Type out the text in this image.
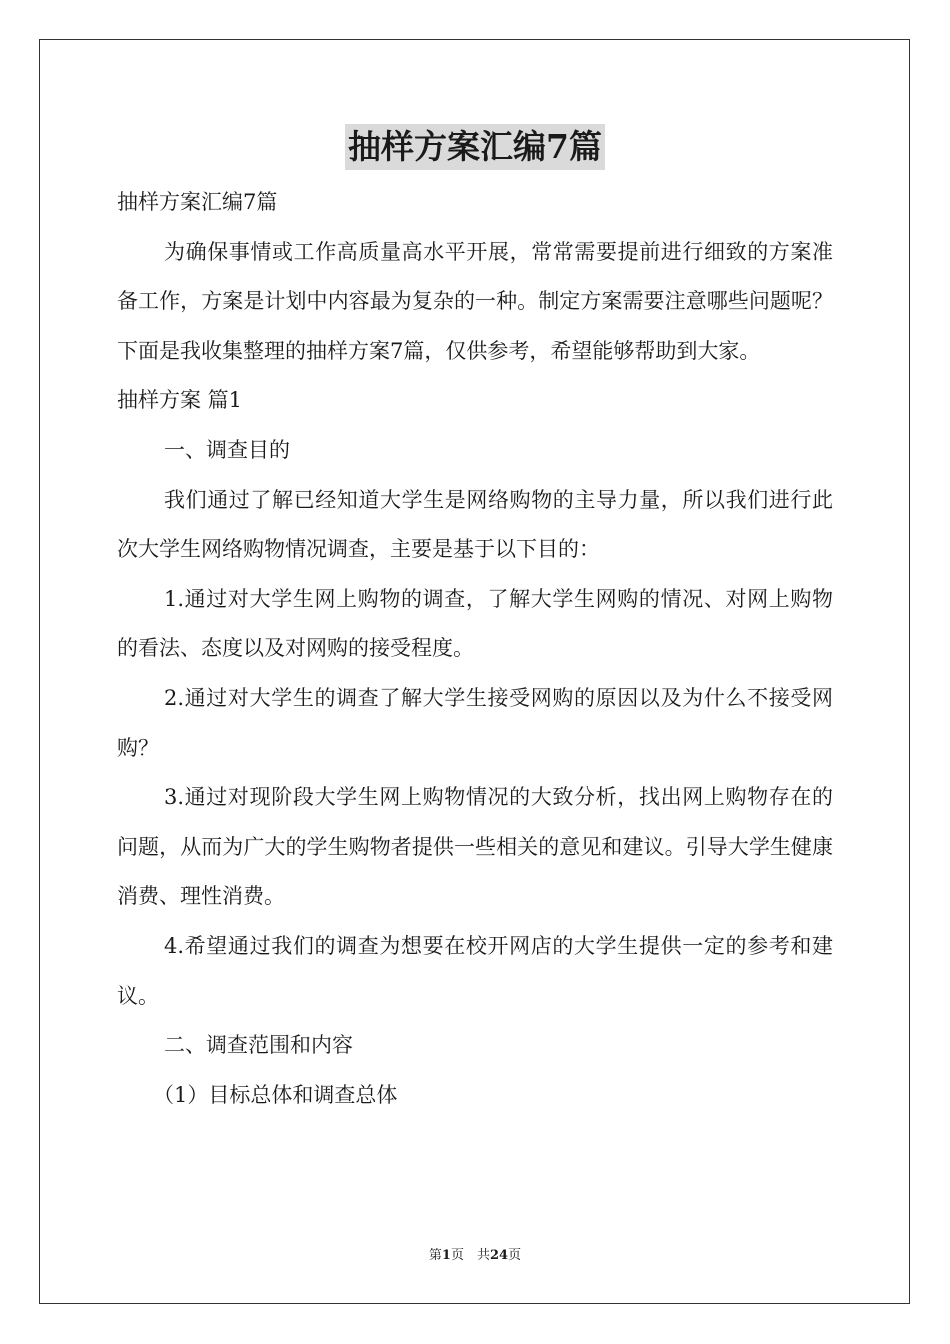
抽样方案汇编7篇

抽样方案汇编7篇

为确保事情或工作高质量高水平开展，常常需要提前进行细致的方案准备工作，方案是计划中内容最为复杂的一种。制定方案需要注意哪些问题呢？下面是我收集整理的抽样方案7篇，仅供参考，希望能够帮助到大家。

抽样方案 篇1

一、调查目的

我们通过了解已经知道大学生是网络购物的主导力量，所以我们进行此次大学生网络购物情况调查，主要是基于以下目的：

1.通过对大学生网上购物的调查，了解大学生网购的情况、对网上购物的看法、态度以及对网购的接受程度。

2.通过对大学生的调查了解大学生接受网购的原因以及为什么不接受网购？

3.通过对现阶段大学生网上购物情况的大致分析，找出网上购物存在的问题，从而为广大的学生购物者提供一些相关的意见和建议。引导大学生健康消费、理性消费。

4.希望通过我们的调查为想要在校开网店的大学生提供一定的参考和建议。

二、调查范围和内容

（1）目标总体和调查总体

第1页　共24页
